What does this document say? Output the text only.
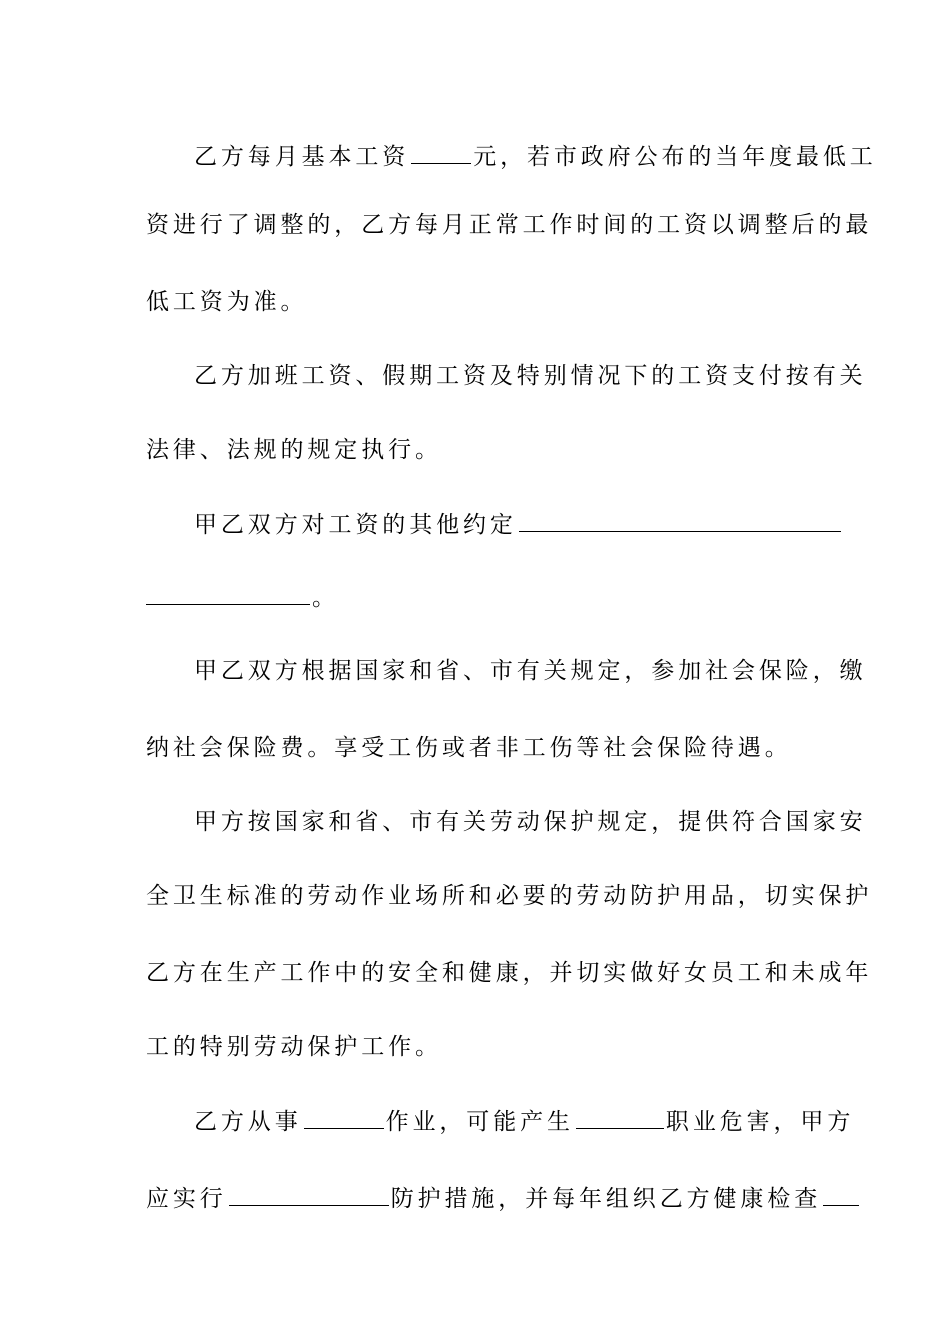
乙方每月基本工资	元，若市政府公布的当年度最低工
资进行了调整的，乙方每月正常工作时间的工资以调整后的最
低工资为准。
乙方加班工资、假期工资及特别情况下的工资支付按有关
法律、法规的规定执行。
甲乙双方对工资的其他约定
。
甲乙双方根据国家和省、市有关规定，参加社会保险，缴
纳社会保险费。享受工伤或者非工伤等社会保险待遇。
甲方按国家和省、市有关劳动保护规定，提供符合国家安
全卫生标准的劳动作业场所和必要的劳动防护用品，切实保护
乙方在生产工作中的安全和健康，并切实做好女员工和未成年
工的特别劳动保护工作。
乙方从事	作业，可能产生	职业危害，甲方
应实行	防护措施，并每年组织乙方健康检查
